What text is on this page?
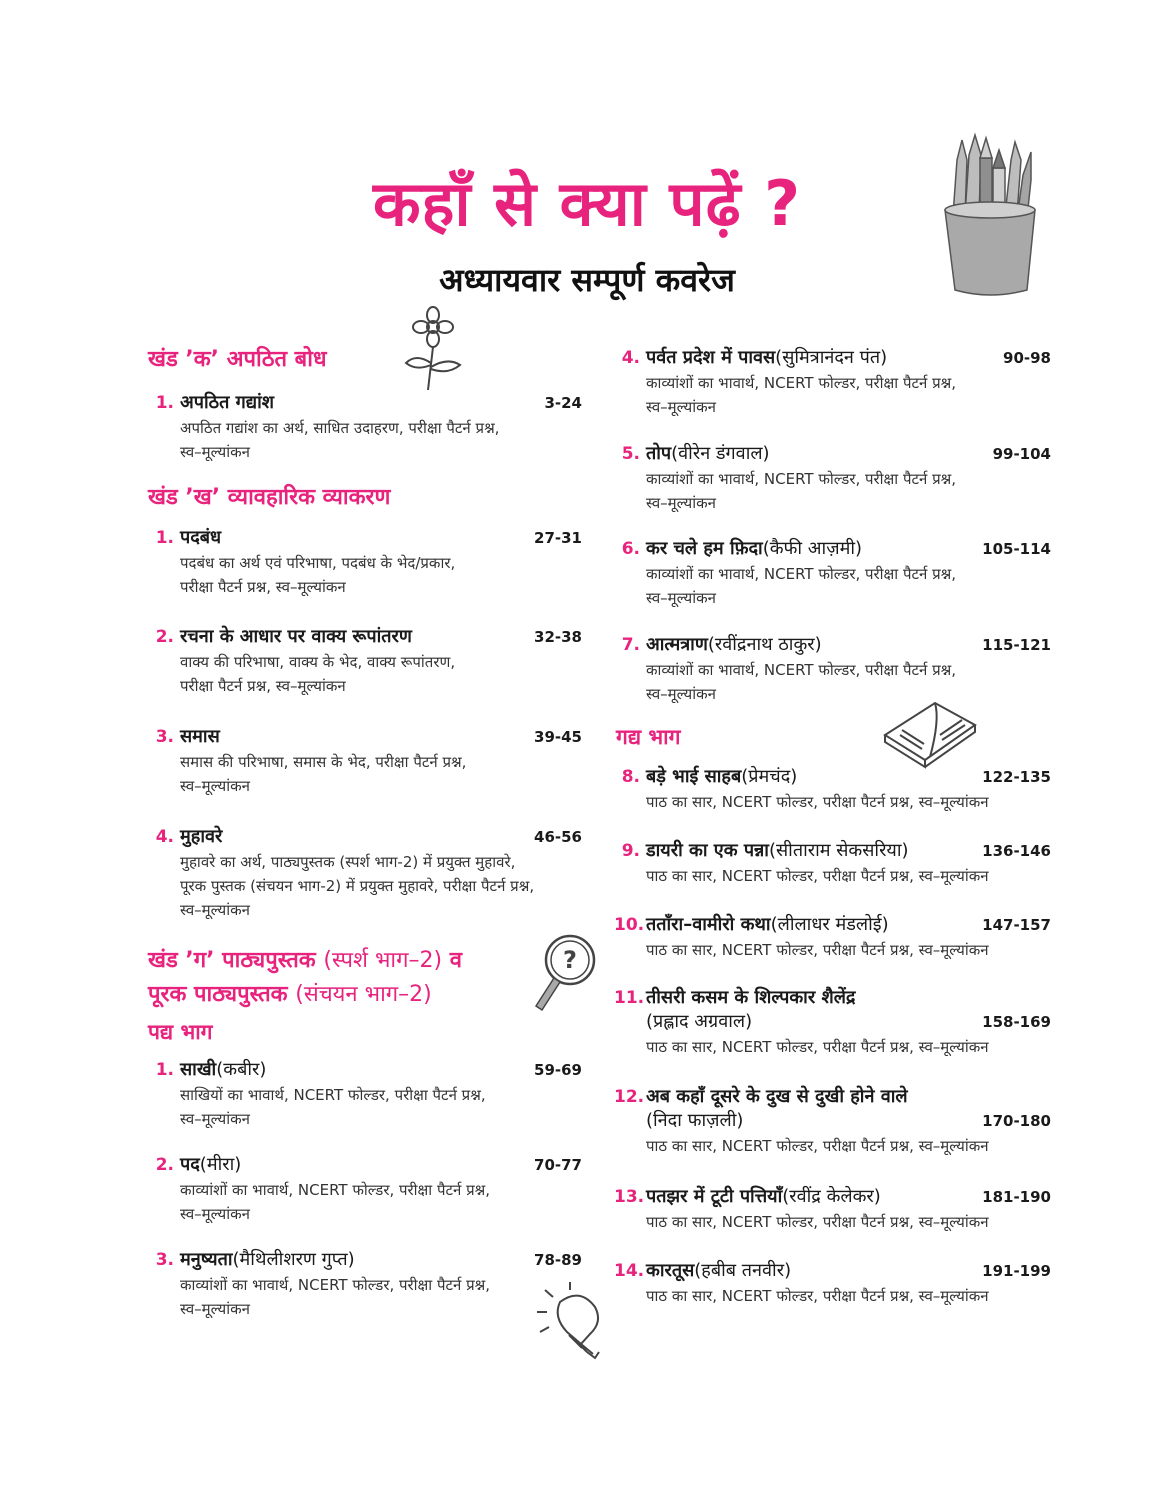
कहाँ से क्या पढ़ें ?
अध्यायवार सम्पूर्ण कवरेज
?
खंड ’क’ अपठित बोध
1. अपठित गद्यांश	3-24
अपठित गद्यांश का अर्थ, साधित उदाहरण, परीक्षा पैटर्न प्रश्न,
स्व–मूल्यांकन
खंड ’ख’ व्यावहारिक व्याकरण
1. पदबंध	27-31
पदबंध का अर्थ एवं परिभाषा, पदबंध के भेद/प्रकार,
परीक्षा पैटर्न प्रश्न, स्व–मूल्यांकन
2. रचना के आधार पर वाक्य रूपांतरण	32-38
वाक्य की परिभाषा, वाक्य के भेद, वाक्य रूपांतरण,
परीक्षा पैटर्न प्रश्न, स्व–मूल्यांकन
3. समास	39-45
समास की परिभाषा, समास के भेद, परीक्षा पैटर्न प्रश्न,
स्व–मूल्यांकन
4. मुहावरे	46-56
मुहावरे का अर्थ, पाठ्यपुस्तक (स्पर्श भाग-2) में प्रयुक्त मुहावरे,
पूरक पुस्तक (संचयन भाग-2) में प्रयुक्त मुहावरे, परीक्षा पैटर्न प्रश्न,
स्व–मूल्यांकन
खंड ’ग’ पाठ्यपुस्तक (स्पर्श भाग–2) व
पूरक पाठ्यपुस्तक (संचयन भाग–2)
पद्य भाग
1. साखी (कबीर)	59-69
साखियों का भावार्थ, NCERT फोल्डर, परीक्षा पैटर्न प्रश्न,
स्व–मूल्यांकन
2. पद (मीरा)	70-77
काव्यांशों का भावार्थ, NCERT फोल्डर, परीक्षा पैटर्न प्रश्न,
स्व–मूल्यांकन
3. मनुष्यता (मैथिलीशरण गुप्त)	78-89
काव्यांशों का भावार्थ, NCERT फोल्डर, परीक्षा पैटर्न प्रश्न,
स्व–मूल्यांकन
4. पर्वत प्रदेश में पावस (सुमित्रानंदन पंत)	90-98
काव्यांशों का भावार्थ, NCERT फोल्डर, परीक्षा पैटर्न प्रश्न,
स्व–मूल्यांकन
5. तोप (वीरेन डंगवाल)	99-104
काव्यांशों का भावार्थ, NCERT फोल्डर, परीक्षा पैटर्न प्रश्न,
स्व–मूल्यांकन
6. कर चले हम फ़िदा (कैफी आज़मी)	105-114
काव्यांशों का भावार्थ, NCERT फोल्डर, परीक्षा पैटर्न प्रश्न,
स्व–मूल्यांकन
7. आत्मत्राण (रवींद्रनाथ ठाकुर)	115-121
काव्यांशों का भावार्थ, NCERT फोल्डर, परीक्षा पैटर्न प्रश्न,
स्व–मूल्यांकन
गद्य भाग
8. बड़े भाई साहब (प्रेमचंद)	122-135
पाठ का सार, NCERT फोल्डर, परीक्षा पैटर्न प्रश्न, स्व–मूल्यांकन
9. डायरी का एक पन्ना (सीताराम सेकसरिया)	136-146
पाठ का सार, NCERT फोल्डर, परीक्षा पैटर्न प्रश्न, स्व–मूल्यांकन
10. तताँरा–वामीरो कथा (लीलाधर मंडलोई)	147-157
पाठ का सार, NCERT फोल्डर, परीक्षा पैटर्न प्रश्न, स्व–मूल्यांकन
11. तीसरी कसम के शिल्पकार शैलेंद्र
(प्रह्लाद अग्रवाल)	158-169
पाठ का सार, NCERT फोल्डर, परीक्षा पैटर्न प्रश्न, स्व–मूल्यांकन
12. अब कहाँ दूसरे के दुख से दुखी होने वाले
(निदा फाज़ली)	170-180
पाठ का सार, NCERT फोल्डर, परीक्षा पैटर्न प्रश्न, स्व–मूल्यांकन
13. पतझर में टूटी पत्तियाँ (रवींद्र केलेकर)	181-190
पाठ का सार, NCERT फोल्डर, परीक्षा पैटर्न प्रश्न, स्व–मूल्यांकन
14. कारतूस (हबीब तनवीर)	191-199
पाठ का सार, NCERT फोल्डर, परीक्षा पैटर्न प्रश्न, स्व–मूल्यांकन
